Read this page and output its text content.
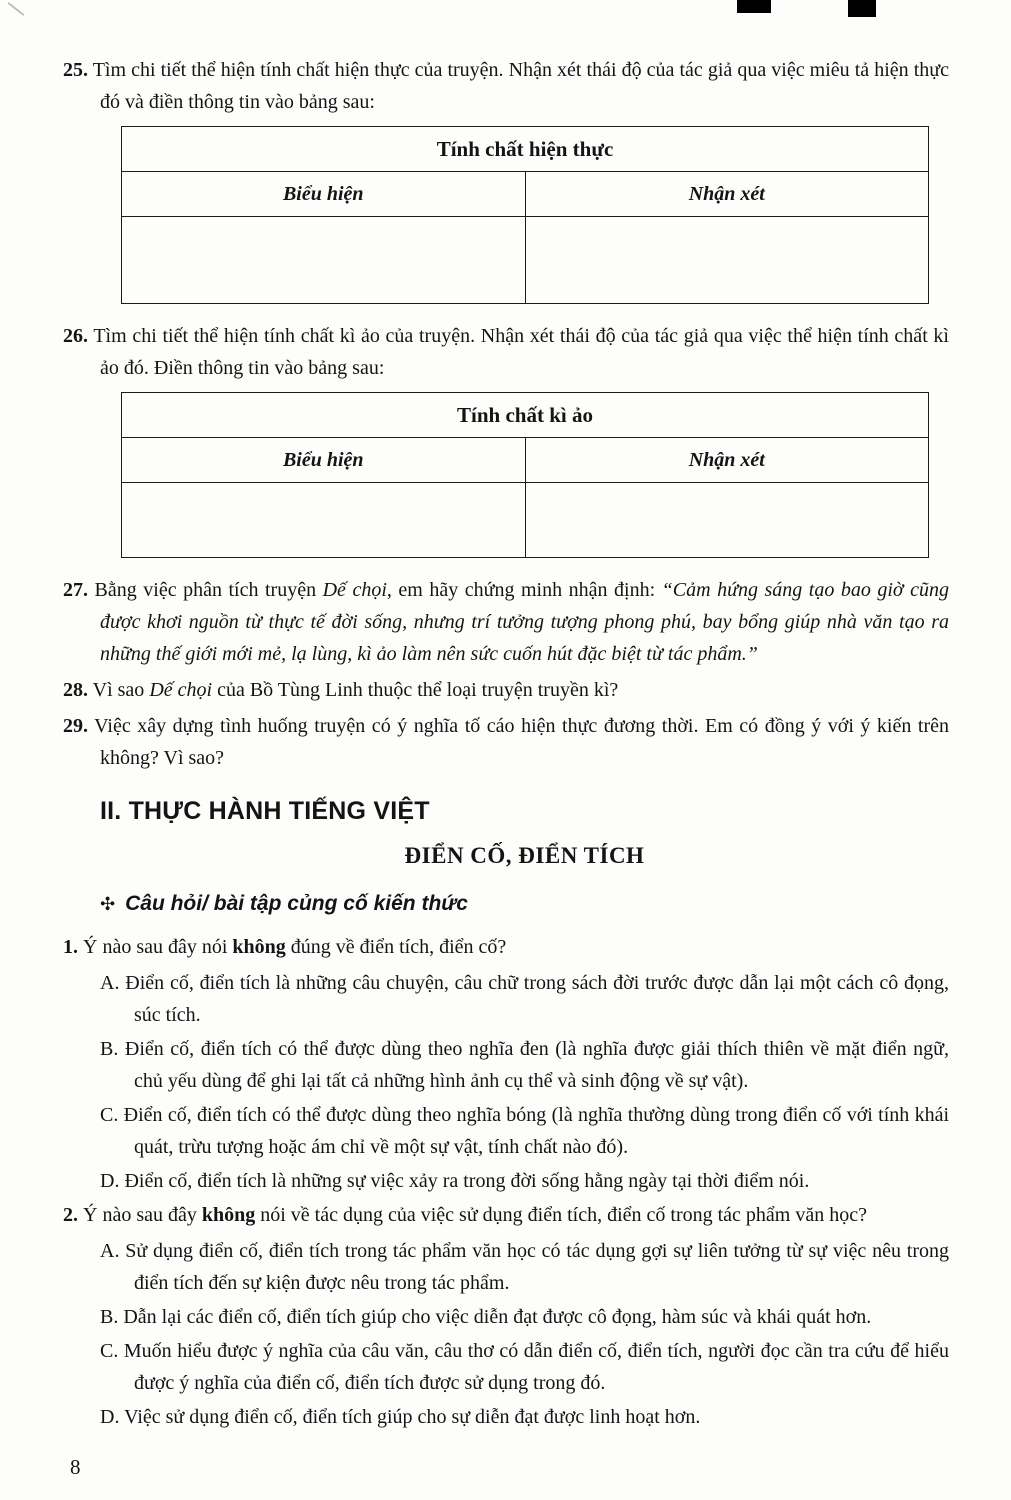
25. Tìm chi tiết thể hiện tính chất hiện thực của truyện. Nhận xét thái độ của tác giả qua việc miêu tả hiện thực đó và điền thông tin vào bảng sau:

Tính chất hiện thực	
Biểu hiện	Nhận xét

26. Tìm chi tiết thể hiện tính chất kì ảo của truyện. Nhận xét thái độ của tác giả qua việc thể hiện tính chất kì ảo đó. Điền thông tin vào bảng sau:

Tính chất kì ảo	
Biểu hiện	Nhận xét

27. Bằng việc phân tích truyện Dế chọi, em hãy chứng minh nhận định: “Cảm hứng sáng tạo bao giờ cũng được khơi nguồn từ thực tế đời sống, nhưng trí tưởng tượng phong phú, bay bổng giúp nhà văn tạo ra những thế giới mới mẻ, lạ lùng, kì ảo làm nên sức cuốn hút đặc biệt từ tác phẩm.”

28. Vì sao Dế chọi của Bồ Tùng Linh thuộc thể loại truyện truyền kì?

29. Việc xây dựng tình huống truyện có ý nghĩa tố cáo hiện thực đương thời. Em có đồng ý với ý kiến trên không? Vì sao?

II. THỰC HÀNH TIẾNG VIỆT

ĐIỂN CỐ, ĐIỂN TÍCH

✣ Câu hỏi/ bài tập củng cố kiến thức

1. Ý nào sau đây nói không đúng về điển tích, điển cố?

A. Điển cố, điển tích là những câu chuyện, câu chữ trong sách đời trước được dẫn lại một cách cô đọng, súc tích.

B. Điển cố, điển tích có thể được dùng theo nghĩa đen (là nghĩa được giải thích thiên về mặt điển ngữ, chủ yếu dùng để ghi lại tất cả những hình ảnh cụ thể và sinh động về sự vật).

C. Điển cố, điển tích có thể được dùng theo nghĩa bóng (là nghĩa thường dùng trong điển cố với tính khái quát, trừu tượng hoặc ám chỉ về một sự vật, tính chất nào đó).

D. Điển cố, điển tích là những sự việc xảy ra trong đời sống hằng ngày tại thời điểm nói.

2. Ý nào sau đây không nói về tác dụng của việc sử dụng điển tích, điển cố trong tác phẩm văn học?

A. Sử dụng điển cố, điển tích trong tác phẩm văn học có tác dụng gợi sự liên tưởng từ sự việc nêu trong điển tích đến sự kiện được nêu trong tác phẩm.

B. Dẫn lại các điển cố, điển tích giúp cho việc diễn đạt được cô đọng, hàm súc và khái quát hơn.

C. Muốn hiểu được ý nghĩa của câu văn, câu thơ có dẫn điển cố, điển tích, người đọc cần tra cứu để hiểu được ý nghĩa của điển cố, điển tích được sử dụng trong đó.

D. Việc sử dụng điển cố, điển tích giúp cho sự diễn đạt được linh hoạt hơn.

8
